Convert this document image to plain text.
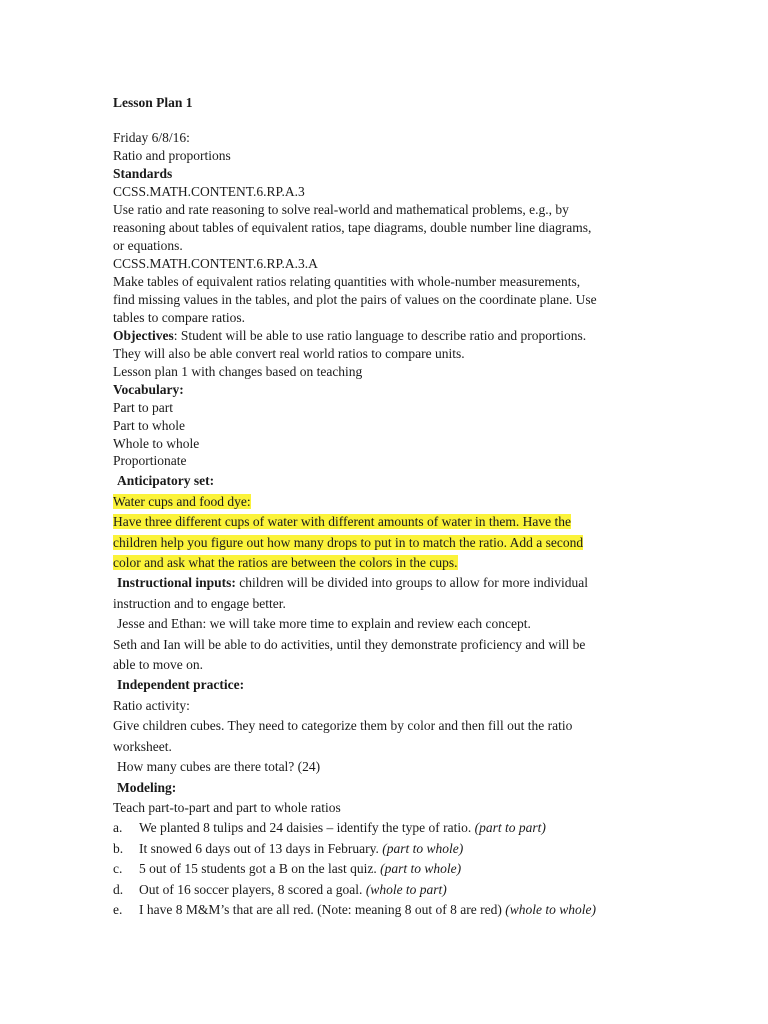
Lesson Plan 1

Friday 6/8/16:

Ratio and proportions

Standards

CCSS.MATH.CONTENT.6.RP.A.3

Use ratio and rate reasoning to solve real-world and mathematical problems, e.g., by

reasoning about tables of equivalent ratios, tape diagrams, double number line diagrams,

or equations.

CCSS.MATH.CONTENT.6.RP.A.3.A

Make tables of equivalent ratios relating quantities with whole-number measurements,

find missing values in the tables, and plot the pairs of values on the coordinate plane. Use

tables to compare ratios.

Objectives: Student will be able to use ratio language to describe ratio and proportions.

They will also be able convert real world ratios to compare units.

Lesson plan 1 with changes based on teaching

Vocabulary:

Part to part

Part to whole

Whole to whole

Proportionate
Anticipatory set:
Water cups and food dye:
Have three different cups of water with different amounts of water in them. Have the
children help you figure out how many drops to put in to match the ratio. Add a second
color and ask what the ratios are between the colors in the cups.
Instructional inputs: children will be divided into groups to allow for more individual
instruction and to engage better.
Jesse and Ethan: we will take more time to explain and review each concept.
Seth and Ian will be able to do activities, until they demonstrate proficiency and will be
able to move on.
Independent practice:
Ratio activity:
Give children cubes. They need to categorize them by color and then fill out the ratio
worksheet.
How many cubes are there total? (24)
Modeling:
Teach part-to-part and part to whole ratios
a.	We planted 8 tulips and 24 daisies – identify the type of ratio. (part to part)
b.	It snowed 6 days out of 13 days in February. (part to whole)
c.	5 out of 15 students got a B on the last quiz. (part to whole)
d.	Out of 16 soccer players, 8 scored a goal. (whole to part)
e.	I have 8 M&M’s that are all red. (Note: meaning 8 out of 8 are red) (whole to whole)
